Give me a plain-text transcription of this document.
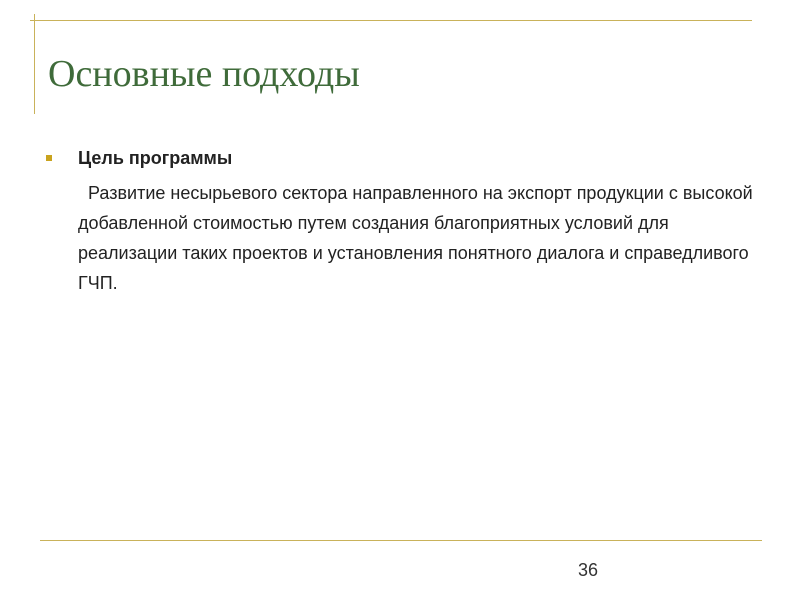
Основные подходы
Цель программы

Развитие несырьевого сектора направленного на экспорт продукции с высокой добавленной стоимостью путем создания благоприятных условий для реализации таких проектов и установления понятного диалога и справедливого ГЧП.

36
